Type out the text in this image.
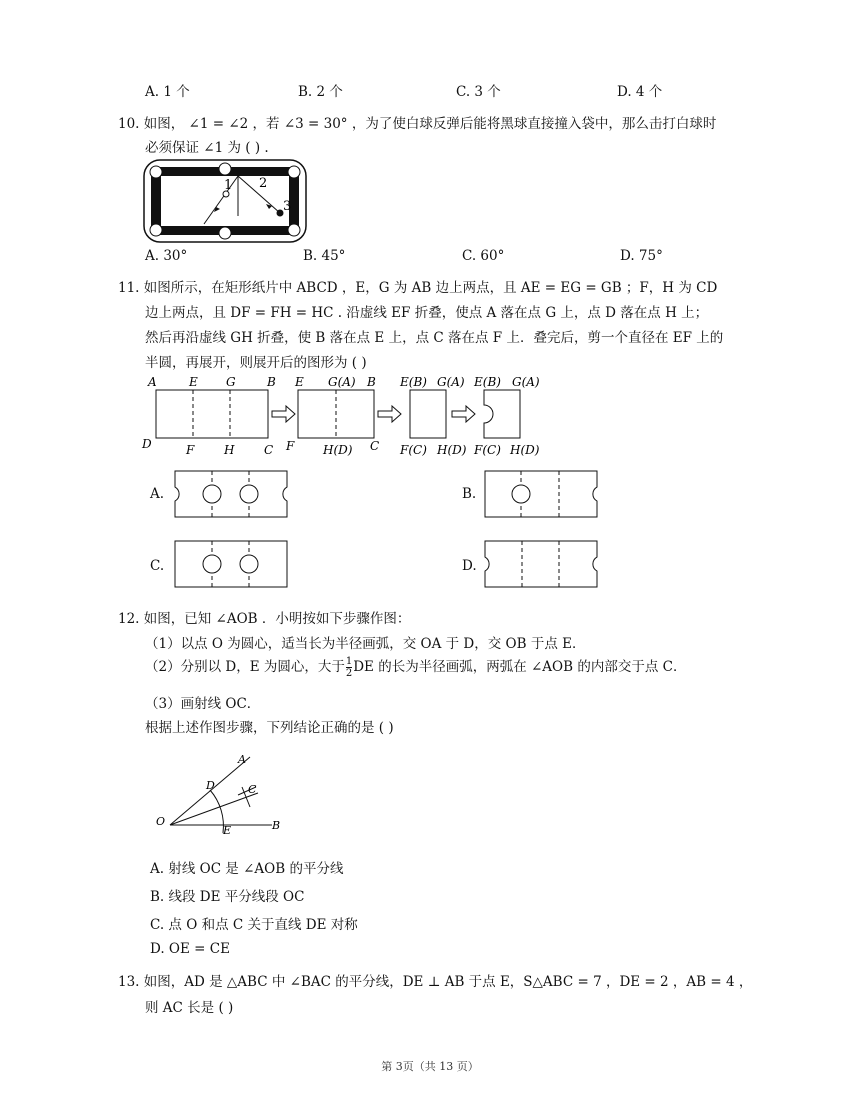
A. 1 个	B. 2 个	C. 3 个	D. 4 个
10. 如图， ∠1 = ∠2 ，若 ∠3 = 30° ，为了使白球反弹后能将黑球直接撞入袋中，那么击打白球时
必须保证 ∠1 为 ( ) .
1 2
3
A. 30°	B. 45°	C. 60°	D. 75°
11. 如图所示，在矩形纸片中 ABCD ，E，G 为 AB 边上两点，且 AE = EG = GB ；F，H 为 CD
边上两点，且 DF = FH = HC . 沿虚线 EF 折叠，使点 A 落在点 G 上，点 D 落在点 H 上；
然后再沿虚线 GH 折叠，使 B 落在点 E 上，点 C 落在点 F 上．叠完后，剪一个直径在 EF 上的
半圆，再展开，则展开后的图形为 ( )
A	E G	B
D	F H C
E G(A) B
F H(D) C
E(B) G(A)
F(C) H(D)
E(B) G(A)
F(C) H(D)
A.	B.
C.	D.
12. 如图，已知 ∠AOB ．小明按如下步骤作图：
（1）以点 O 为圆心，适当长为半径画弧，交 OA 于 D，交 OB 于点 E．
（2）分别以 D，E 为圆心，大于 $\frac{1}{2}$ DE 的长为半径画弧，两弧在 ∠AOB 的内部交于点 C．
（3）画射线 OC．
根据上述作图步骤，下列结论正确的是 ( )
A
D	C
O
E	B
A. 射线 OC 是 ∠AOB 的平分线
B. 线段 DE 平分线段 OC
C. 点 O 和点 C 关于直线 DE 对称
D. OE = CE
13. 如图，AD 是 △ABC 中 ∠BAC 的平分线，DE ⊥ AB 于点 E，S△ABC = 7 ，DE = 2 ，AB = 4 ，
则 AC 长是 ( )
第 3页（共 13 页）
